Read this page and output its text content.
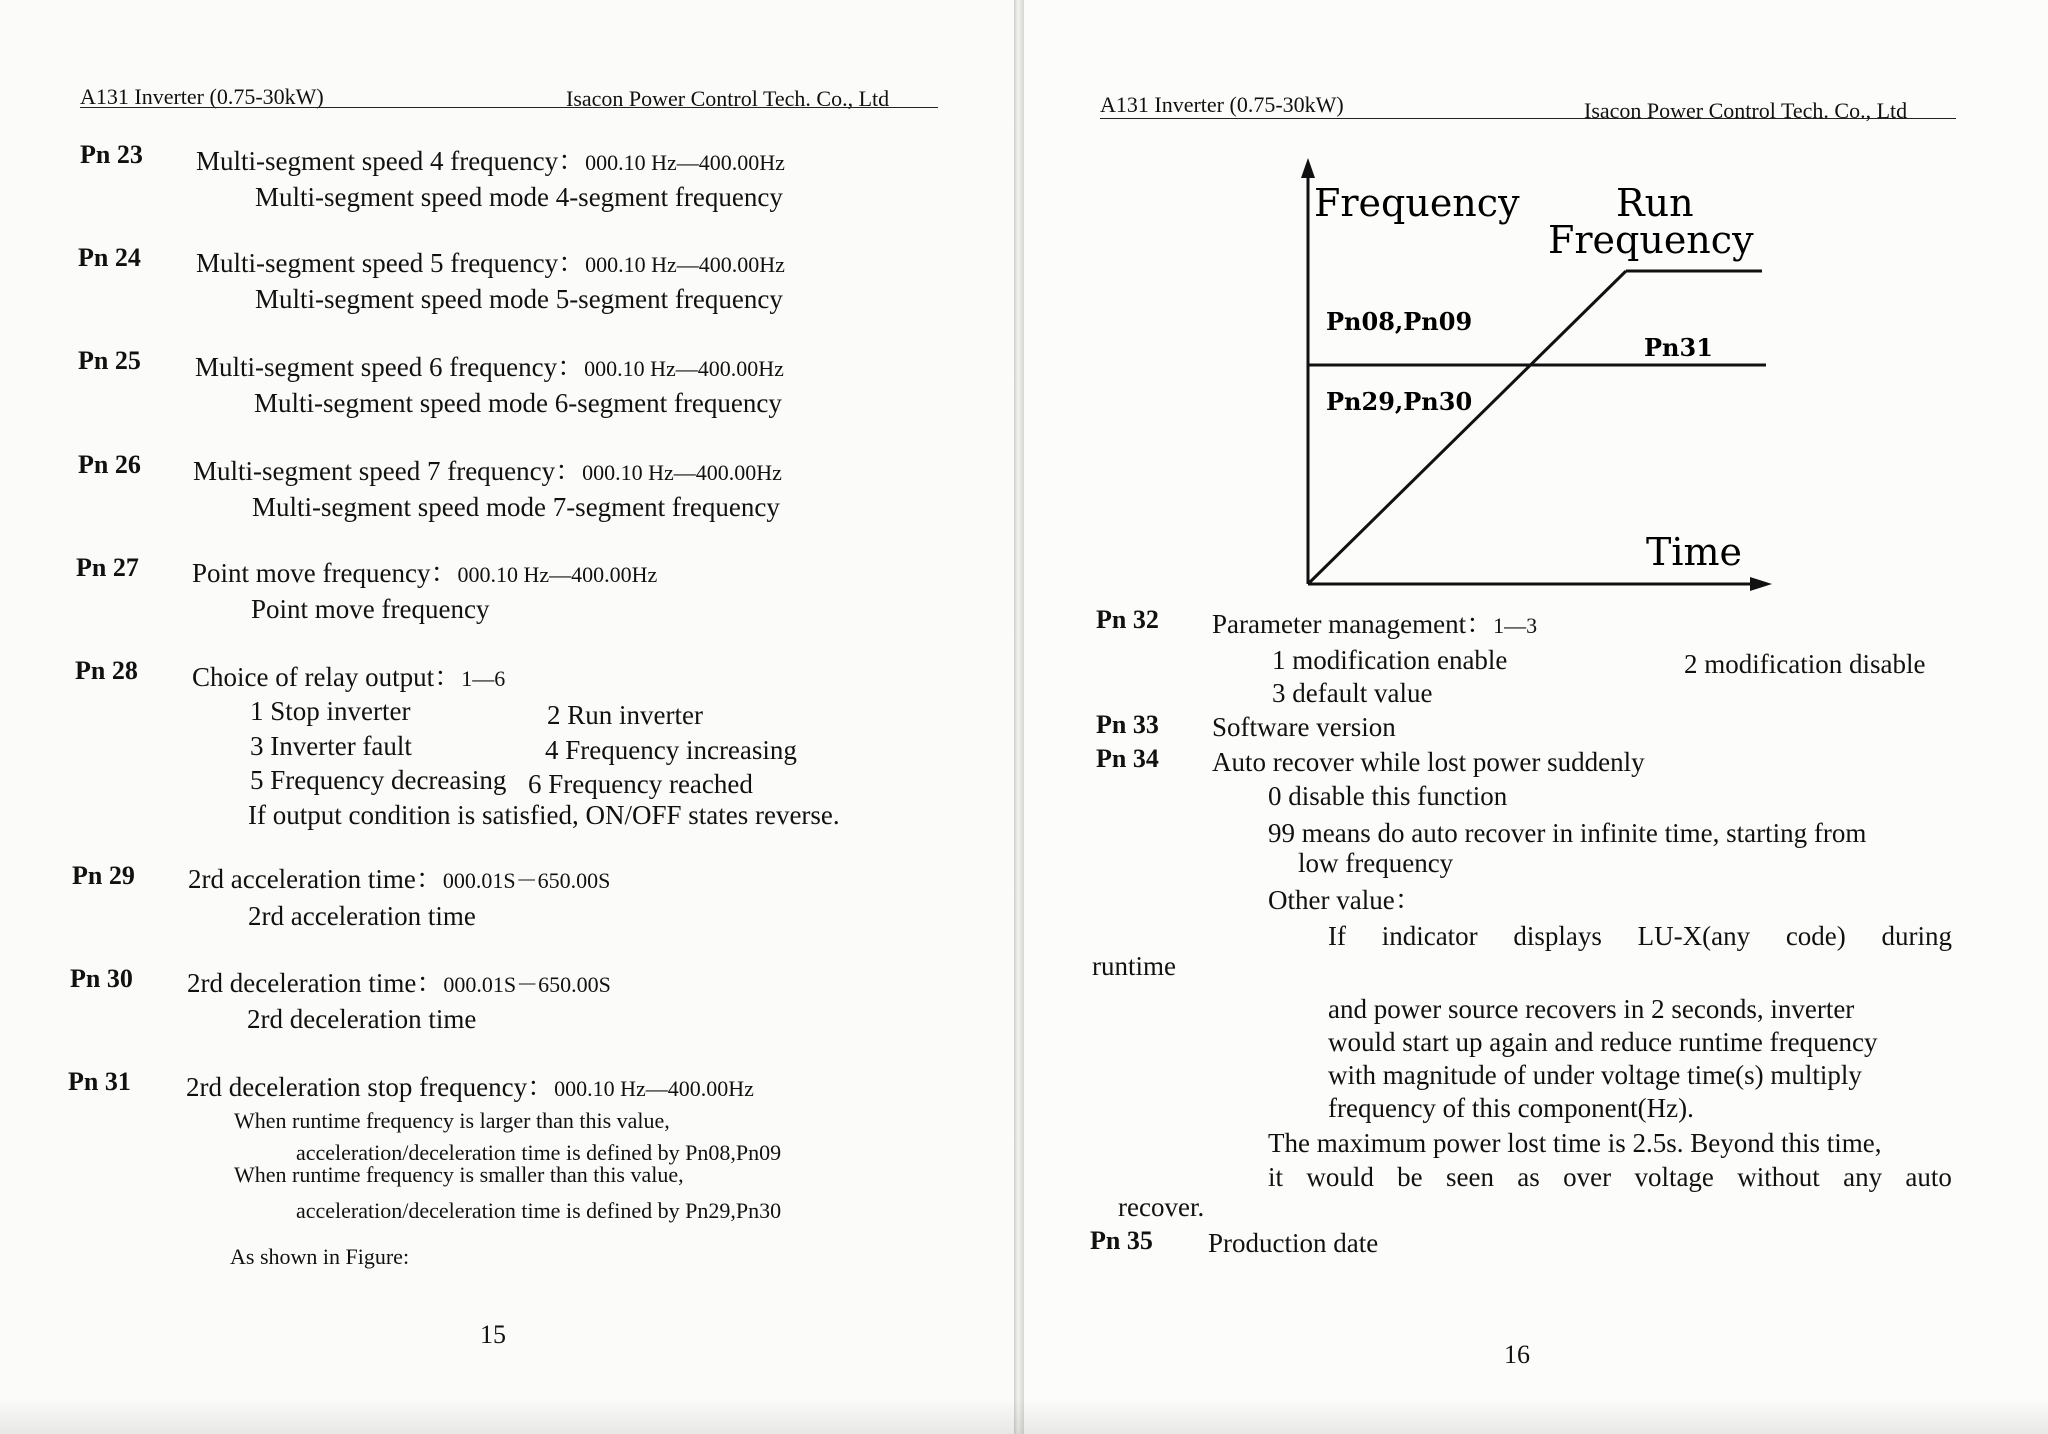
A131 Inverter (0.75-30kW)	Isacon Power Control Tech. Co., Ltd
Pn 23 Multi-segment speed 4 frequency：000.10 Hz—400.00Hz
Multi-segment speed mode 4-segment frequency
Pn 24 Multi-segment speed 5 frequency：000.10 Hz—400.00Hz
Multi-segment speed mode 5-segment frequency
Pn 25 Multi-segment speed 6 frequency：000.10 Hz—400.00Hz
Multi-segment speed mode 6-segment frequency
Pn 26 Multi-segment speed 7 frequency：000.10 Hz—400.00Hz
Multi-segment speed mode 7-segment frequency
Pn 27 Point move frequency：000.10 Hz—400.00Hz
Point move frequency
Pn 28 Choice of relay output：1—6
1 Stop inverter	2 Run inverter
3 Inverter fault	4 Frequency increasing
5 Frequency decreasing 6 Frequency reached
If output condition is satisfied, ON/OFF states reverse.
Pn 29 2rd acceleration time：000.01S－650.00S
2rd acceleration time
Pn 30 2rd deceleration time：000.01S－650.00S
2rd deceleration time
Pn 31 2rd deceleration stop frequency：000.10 Hz—400.00Hz
When runtime frequency is larger than this value,
acceleration/deceleration time is defined by Pn08,Pn09
When runtime frequency is smaller than this value,
acceleration/deceleration time is defined by Pn29,Pn30
As shown in Figure:
15
A131 Inverter (0.75-30kW)	Isacon Power Control Tech. Co., Ltd
Frequency	Run
Frequency
Pn08,Pn09
Pn31
Pn29,Pn30
Time
Pn 32 Parameter management：1—3
1 modification enable	2 modification disable
3 default value
Pn 33 Software version
Pn 34 Auto recover while lost power suddenly
0 disable this function
99 means do auto recover in infinite time, starting from
low frequency
Other value：
If indicator displays LU-X(any code) during
runtime
and power source recovers in 2 seconds, inverter
would start up again and reduce runtime frequency
with magnitude of under voltage time(s) multiply
frequency of this component(Hz).
The maximum power lost time is 2.5s. Beyond this time,
it would be seen as over voltage without any auto
recover.
Pn 35 Production date
16
